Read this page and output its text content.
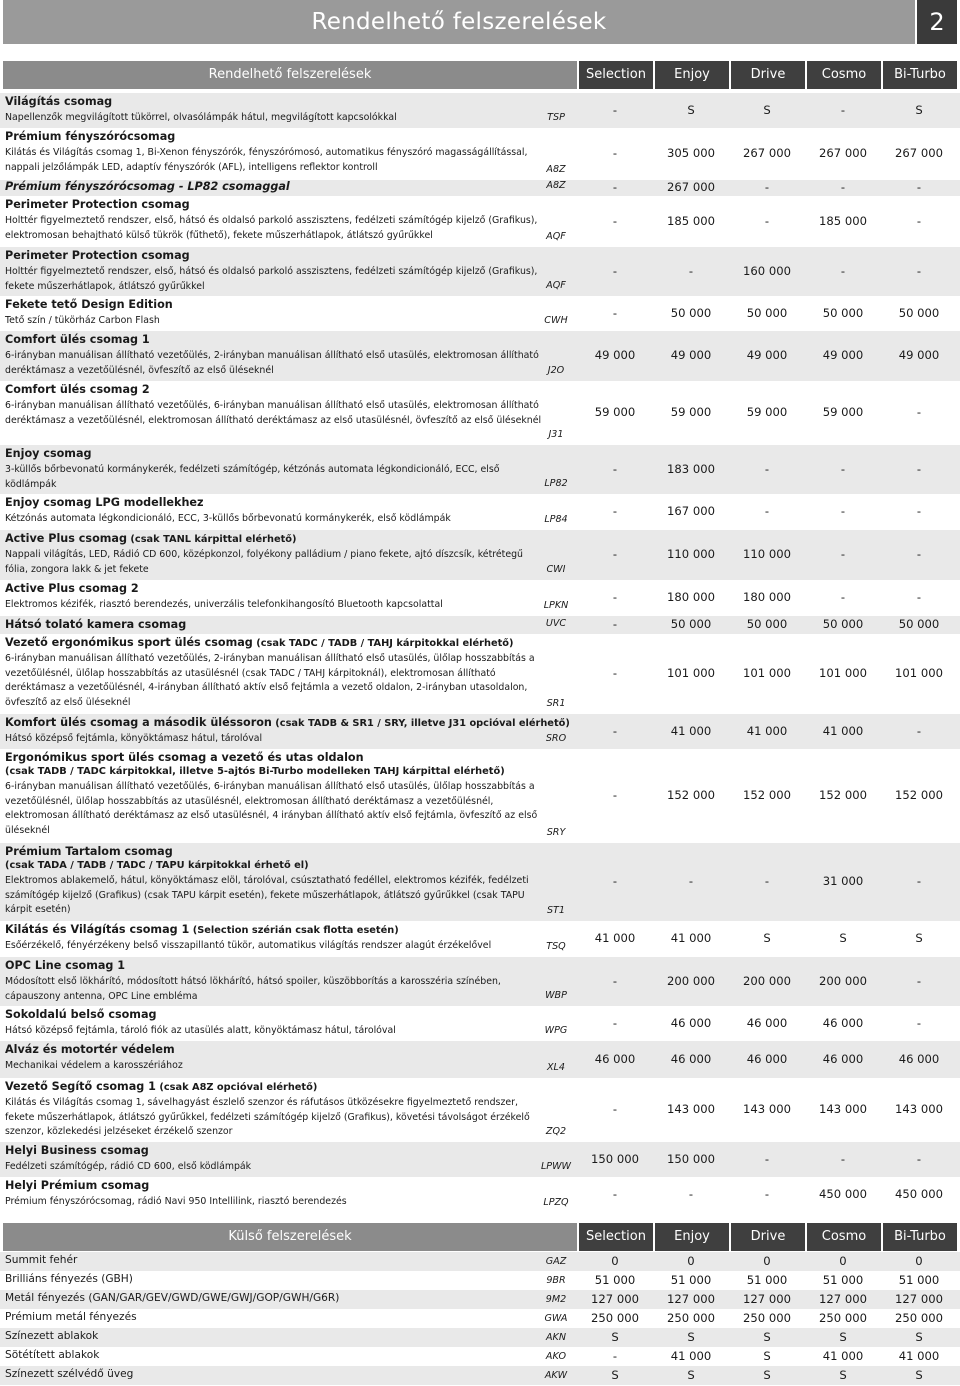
Rendelhető felszerelések	2
Rendelhető felszerelések	Selection	Enjoy	Drive	Cosmo	Bi-Turbo
Világítás csomag
Napellenzők megvilágított tükörrel, olvasólámpák hátul, megvilágított kapcsolókkal	TSP
-	S	S	-	S
Prémium fényszórócsomag
Kilátás és Világítás csomag 1, Bi-Xenon fényszórók, fényszórómosó, automatikus fényszóró magasságállítással, nappali jelzőlámpák LED, adaptív fényszórók (AFL), intelligens reflektor kontroll	A8Z
-	305 000	267 000	267 000	267 000
Prémium fényszórócsomag - LP82 csomaggal	A8Z	-	267 000	-	-	-
Perimeter Protection csomag
Holttér figyelmeztető rendszer, első, hátsó és oldalsó parkoló asszisztens, fedélzeti számítógép kijelző (Grafikus), elektromosan behajtható külső tükrök (fűthető), fekete műszerhátlapok, átlátszó gyűrűkkel	AQF
-	185 000	-	185 000	-
Perimeter Protection csomag
Holttér figyelmeztető rendszer, első, hátsó és oldalsó parkoló asszisztens, fedélzeti számítógép kijelző (Grafikus), fekete műszerhátlapok, átlátszó gyűrűkkel	AQF
-	-	160 000	-	-
Fekete tető Design Edition
Tető szín / tükörház Carbon Flash	CWH
-	50 000	50 000	50 000	50 000
Comfort ülés csomag 1
6-irányban manuálisan állítható vezetőülés, 2-irányban manuálisan állítható első utasülés, elektromosan állítható deréktámasz a vezetőülésnél, övfeszítő az első üléseknél	J2O
49 000	49 000	49 000	49 000	49 000
Comfort ülés csomag 2
6-irányban manuálisan állítható vezetőülés, 6-irányban manuálisan állítható első utasülés, elektromosan állítható deréktámasz a vezetőülésnél, elektromosan állítható deréktámasz az első utasülésnél, övfeszítő az első üléseknél
J31
59 000	59 000	59 000	59 000	-
Enjoy csomag
3-küllős bőrbevonatú kormánykerék, fedélzeti számítógép, kétzónás automata légkondicionáló, ECC, első ködlámpák	LP82
-	183 000	-	-	-
Enjoy csomag LPG modellekhez
Kétzónás automata légkondicionáló, ECC, 3-küllős bőrbevonatú kormánykerék, első ködlámpák	LP84
-	167 000	-	-	-
Active Plus csomag (csak TANL kárpittal elérhető)
Nappali világítás, LED, Rádió CD 600, középkonzol, folyékony palládium / piano fekete, ajtó díszcsík, kétrétegű fólia, zongora lakk & jet fekete	CWI
-	110 000	110 000	-	-
Active Plus csomag 2
Elektromos kézifék, riasztó berendezés, univerzális telefonkihangosító Bluetooth kapcsolattal	LPKN
-	180 000	180 000	-	-
Hátsó tolató kamera csomag	UVC	-	50 000	50 000	50 000	50 000
Vezető ergonómikus sport ülés csomag (csak TADC / TADB / TAHJ kárpitokkal elérhető)
6-irányban manuálisan állítható vezetőülés, 2-irányban manuálisan állítható első utasülés, ülőlap hosszabbítás a vezetőülésnél, ülőlap hosszabbítás az utasülésnél (csak TADC / TAHJ kárpitoknál), elektromosan állítható deréktámasz a vezetőülésnél, 4-irányban állítható aktív első fejtámla a vezető oldalon, 2-irányban utasoldalon, övfeszítő az első üléseknél	SR1
-	101 000	101 000	101 000	101 000
Komfort ülés csomag a második üléssoron (csak TADB & SR1 / SRY, illetve J31 opcióval elérhető)
Hátsó középső fejtámla, könyöktámasz hátul, tárolóval	SRO
-	41 000	41 000	41 000	-
Ergonómikus sport ülés csomag a vezető és utas oldalon
(csak TADB / TADC kárpitokkal, illetve 5-ajtós Bi-Turbo modelleken TAHJ kárpittal elérhető)
6-irányban manuálisan állítható vezetőülés, 6-irányban manuálisan állítható első utasülés, ülőlap hosszabbítás a vezetőülésnél, ülőlap hosszabbítás az utasülésnél, elektromosan állítható deréktámasz a vezetőülésnél, elektromosan állítható deréktámasz az első utasülésnél, 4 irányban állítható aktív első fejtámla, övfeszítő az első üléseknél	SRY
-	152 000	152 000	152 000	152 000
Prémium Tartalom csomag
(csak TADA / TADB / TADC / TAPU kárpitokkal érhető el)
Elektromos ablakemelő, hátul, könyöktámasz elöl, tárolóval, csúsztatható fedéllel, elektromos kézifék, fedélzeti számítógép kijelző (Grafikus) (csak TAPU kárpit esetén), fekete műszerhátlapok, átlátszó gyűrűkkel (csak TAPU kárpit esetén)	ST1
-	-	-	31 000	-
Kilátás és Világítás csomag 1 (Selection szérián csak flotta esetén)
Esőérzékelő, fényérzékeny belső visszapillantó tükör, automatikus világítás rendszer alagút érzékelővel	TSQ
41 000	41 000	S	S	S
OPC Line csomag 1
Módosított első lökhárító, módosított hátsó lökhárító, hátsó spoiler, küszöbborítás a karosszéria színében, cápauszony antenna, OPC Line embléma	WBP
-	200 000	200 000	200 000	-
Sokoldalú belső csomag
Hátsó középső fejtámla, tároló fiók az utasülés alatt, könyöktámasz hátul, tárolóval	WPG
-	46 000	46 000	46 000	-
Alváz és motortér védelem
Mechanikai védelem a karosszériához	XL4
46 000	46 000	46 000	46 000	46 000
Vezető Segítő csomag 1 (csak A8Z opcióval elérhető)
Kilátás és Világítás csomag 1, sávelhagyást észlelő szenzor és ráfutásos ütközésekre figyelmeztető rendszer, fekete műszerhátlapok, átlátszó gyűrűkkel, fedélzeti számítógép kijelző (Grafikus), követési távolságot érzékelő szenzor, közlekedési jelzéseket érzékelő szenzor	ZQ2
-	143 000	143 000	143 000	143 000
Helyi Business csomag
Fedélzeti számítógép, rádió CD 600, első ködlámpák	LPWW
150 000	150 000	-	-	-
Helyi Prémium csomag
Prémium fényszórócsomag, rádió Navi 950 Intellilink, riasztó berendezés	LPZQ
-	-	-	450 000	450 000
Külső felszerelések	Selection	Enjoy	Drive	Cosmo	Bi-Turbo
Summit fehér	GAZ	0	0	0	0	0
Brilliáns fényezés (GBH)	9BR	51 000	51 000	51 000	51 000	51 000
Metál fényezés (GAN/GAR/GEV/GWD/GWE/GWJ/GOP/GWH/G6R)	9M2	127 000	127 000	127 000	127 000	127 000
Prémium metál fényezés	GWA	250 000	250 000	250 000	250 000	250 000
Színezett ablakok	AKN	S	S	S	S	S
Sötétített ablakok	AKO	-	41 000	S	41 000	41 000
Színezett szélvédő üveg	AKW	S	S	S	S	S
